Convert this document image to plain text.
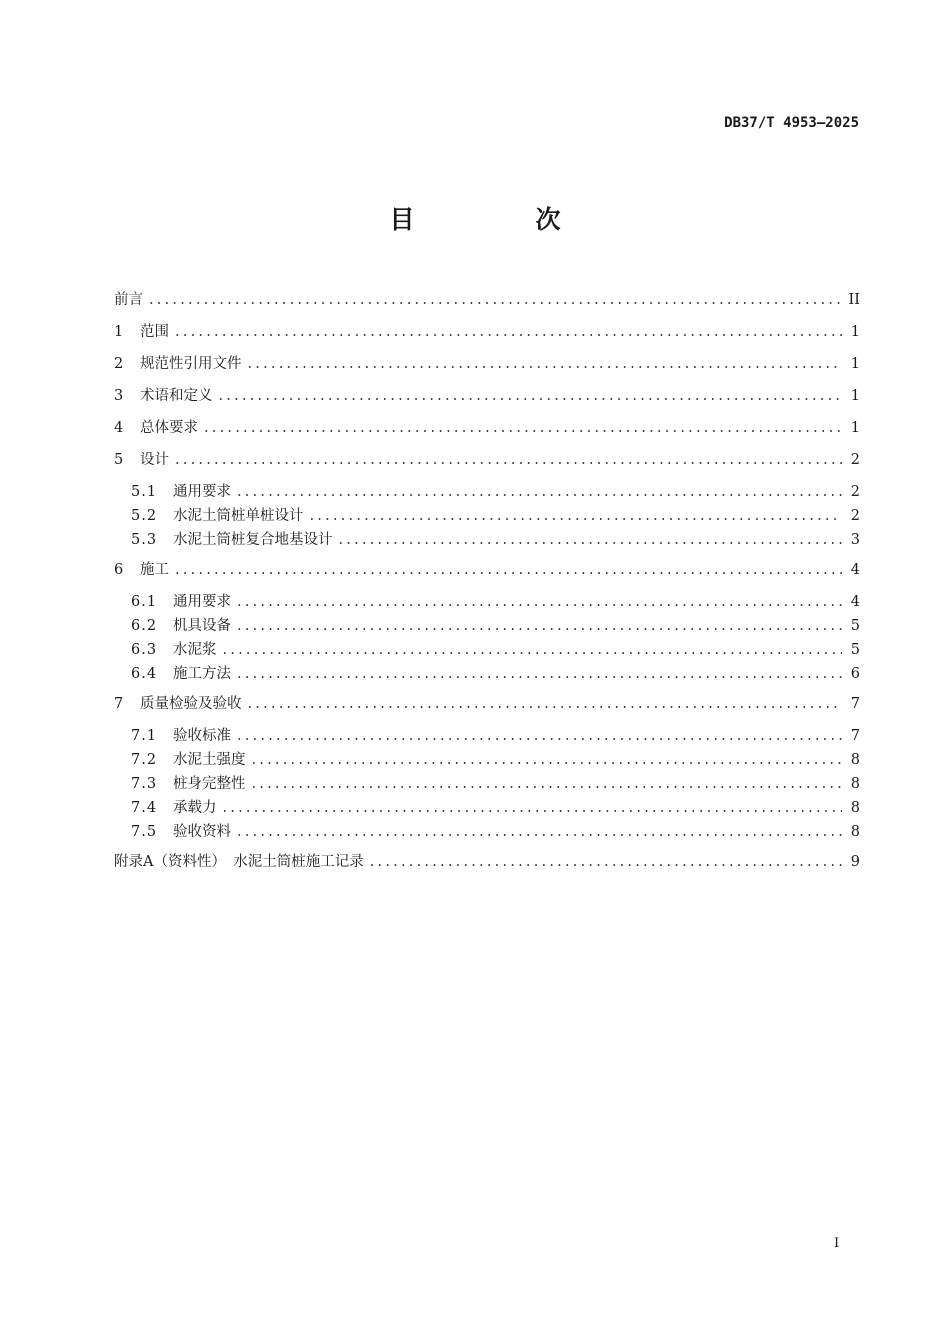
DB37/T 4953—2025
目　次
前言 .....	II
1	范围 .....	1
2	规范性引用文件 .....	1
3	术语和定义 .....	1
4	总体要求 .....	1
5	设计 .....	2
5.1	通用要求 .....	2
5.2	水泥土筒桩单桩设计 .....	2
5.3	水泥土筒桩复合地基设计 .....	3
6	施工 .....	4
6.1	通用要求 .....	4
6.2	机具设备 .....	5
6.3	水泥浆 .....	5
6.4	施工方法 .....	6
7	质量检验及验收 .....	7
7.1	验收标准 .....	7
7.2	水泥土强度 .....	8
7.3	桩身完整性 .....	8
7.4	承载力 .....	8
7.5	验收资料 .....	8
附录A（资料性）　水泥土筒桩施工记录 .....	9
I
